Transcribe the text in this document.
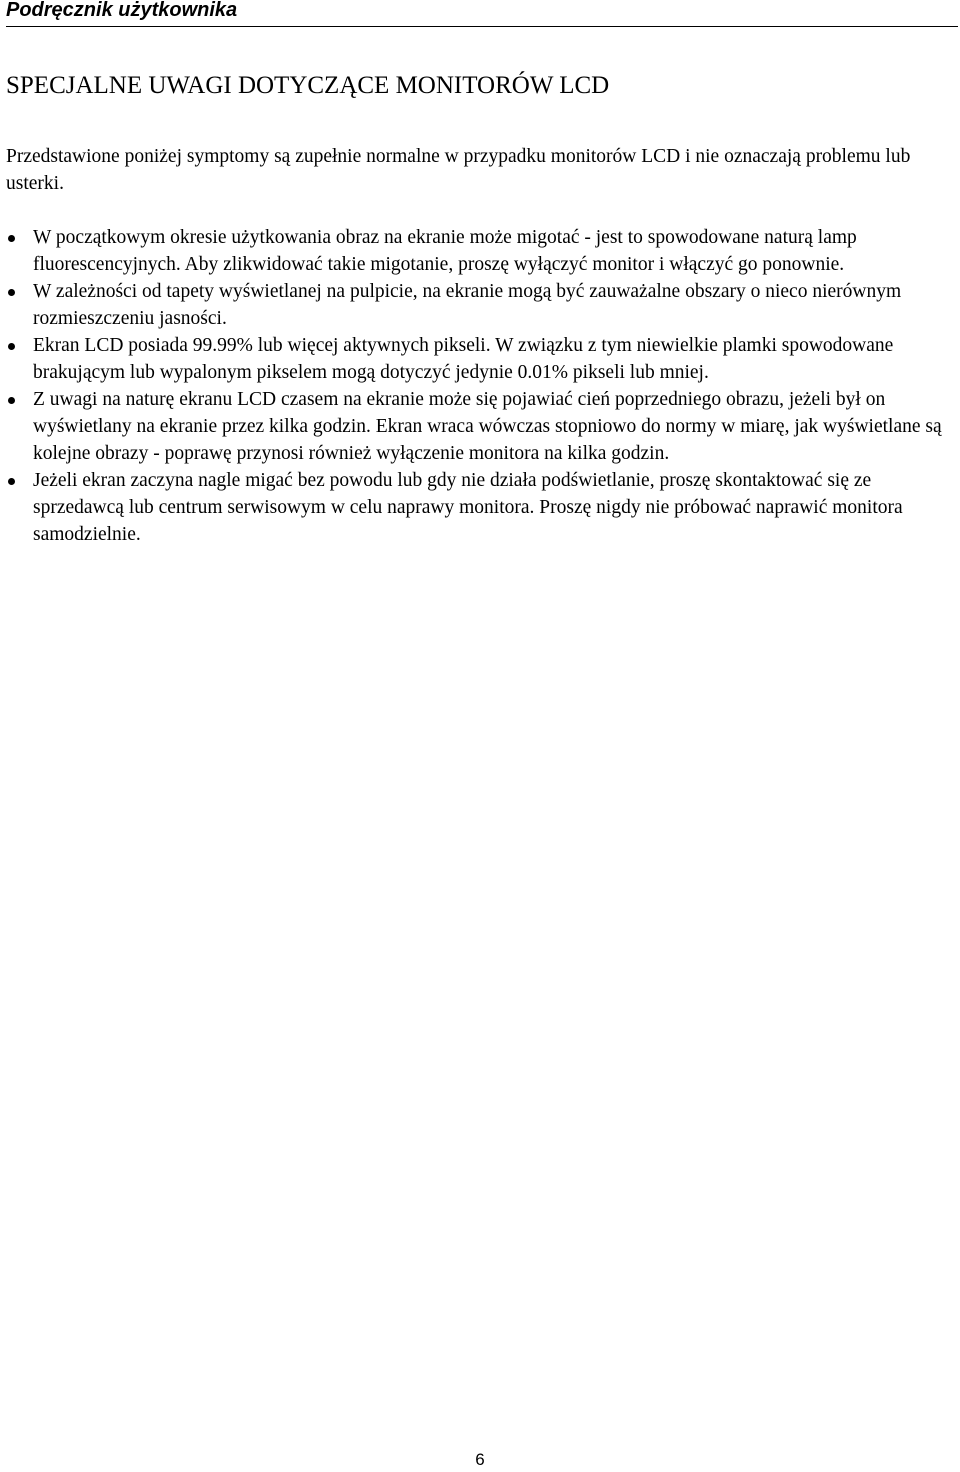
Podręcznik użytkownika
SPECJALNE UWAGI DOTYCZĄCE MONITORÓW LCD

Przedstawione poniżej symptomy są zupełnie normalne w przypadku monitorów LCD i nie oznaczają problemu lub usterki.

W początkowym okresie użytkowania obraz na ekranie może migotać - jest to spowodowane naturą lamp fluorescencyjnych. Aby zlikwidować takie migotanie, proszę wyłączyć monitor i włączyć go ponownie.
W zależności od tapety wyświetlanej na pulpicie, na ekranie mogą być zauważalne obszary o nieco nierównym rozmieszczeniu jasności.
Ekran LCD posiada 99.99% lub więcej aktywnych pikseli. W związku z tym niewielkie plamki spowodowane brakującym lub wypalonym pikselem mogą dotyczyć jedynie 0.01% pikseli lub mniej.
Z uwagi na naturę ekranu LCD czasem na ekranie może się pojawiać cień poprzedniego obrazu, jeżeli był on wyświetlany na ekranie przez kilka godzin. Ekran wraca wówczas stopniowo do normy w miarę, jak wyświetlane są kolejne obrazy - poprawę przynosi również wyłączenie monitora na kilka godzin.
Jeżeli ekran zaczyna nagle migać bez powodu lub gdy nie działa podświetlanie, proszę skontaktować się ze sprzedawcą lub centrum serwisowym w celu naprawy monitora. Proszę nigdy nie próbować naprawić monitora samodzielnie.
6
